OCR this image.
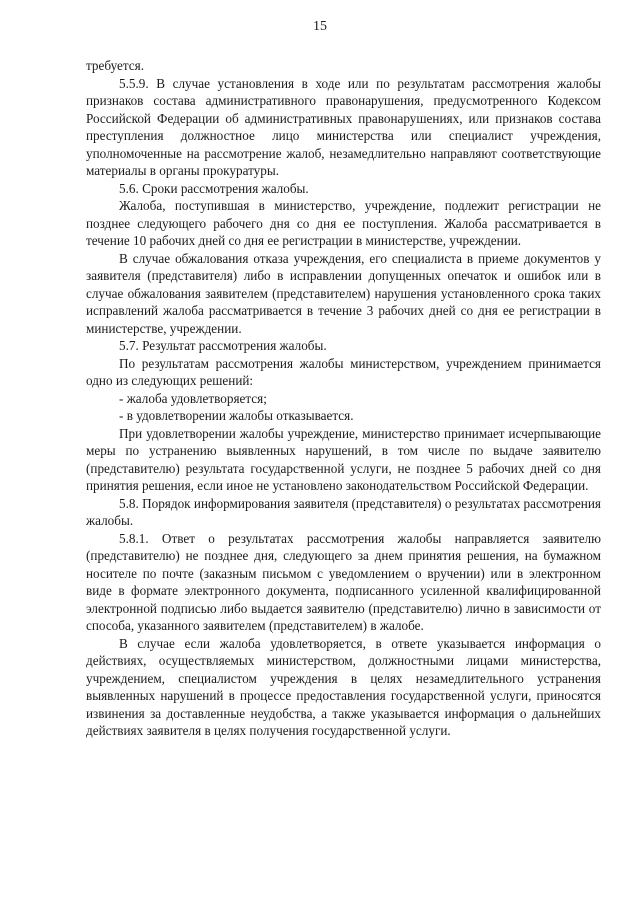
15

требуется.

5.5.9. В случае установления в ходе или по результатам рассмотрения жалобы признаков состава административного правонарушения, предусмотренного Кодексом Российской Федерации об административных правонарушениях, или признаков состава преступления должностное лицо министерства или специалист учреждения, уполномоченные на рассмотрение жалоб, незамедлительно направляют соответствующие материалы в органы прокуратуры.

5.6. Сроки рассмотрения жалобы.

Жалоба, поступившая в министерство, учреждение, подлежит регистрации не позднее следующего рабочего дня со дня ее поступления. Жалоба рассматривается в течение 10 рабочих дней со дня ее регистрации в министерстве, учреждении.

В случае обжалования отказа учреждения, его специалиста в приеме документов у заявителя (представителя) либо в исправлении допущенных опечаток и ошибок или в случае обжалования заявителем (представителем) нарушения установленного срока таких исправлений жалоба рассматривается в течение 3 рабочих дней со дня ее регистрации в министерстве, учреждении.

5.7. Результат рассмотрения жалобы.

По результатам рассмотрения жалобы министерством, учреждением принимается одно из следующих решений:

- жалоба удовлетворяется;

- в удовлетворении жалобы отказывается.

При удовлетворении жалобы учреждение, министерство принимает исчерпывающие меры по устранению выявленных нарушений, в том числе по выдаче заявителю (представителю) результата государственной услуги, не позднее 5 рабочих дней со дня принятия решения, если иное не установлено законодательством Российской Федерации.

5.8. Порядок информирования заявителя (представителя) о результатах рассмотрения жалобы.

5.8.1. Ответ о результатах рассмотрения жалобы направляется заявителю (представителю) не позднее дня, следующего за днем принятия решения, на бумажном носителе по почте (заказным письмом с уведомлением о вручении) или в электронном виде в формате электронного документа, подписанного усиленной квалифицированной электронной подписью либо выдается заявителю (представителю) лично в зависимости от способа, указанного заявителем (представителем) в жалобе.

В случае если жалоба удовлетворяется, в ответе указывается информация о действиях, осуществляемых министерством, должностными лицами министерства, учреждением, специалистом учреждения в целях незамедлительного устранения выявленных нарушений в процессе предоставления государственной услуги, приносятся извинения за доставленные неудобства, а также указывается информация о дальнейших действиях заявителя в целях получения государственной услуги.
